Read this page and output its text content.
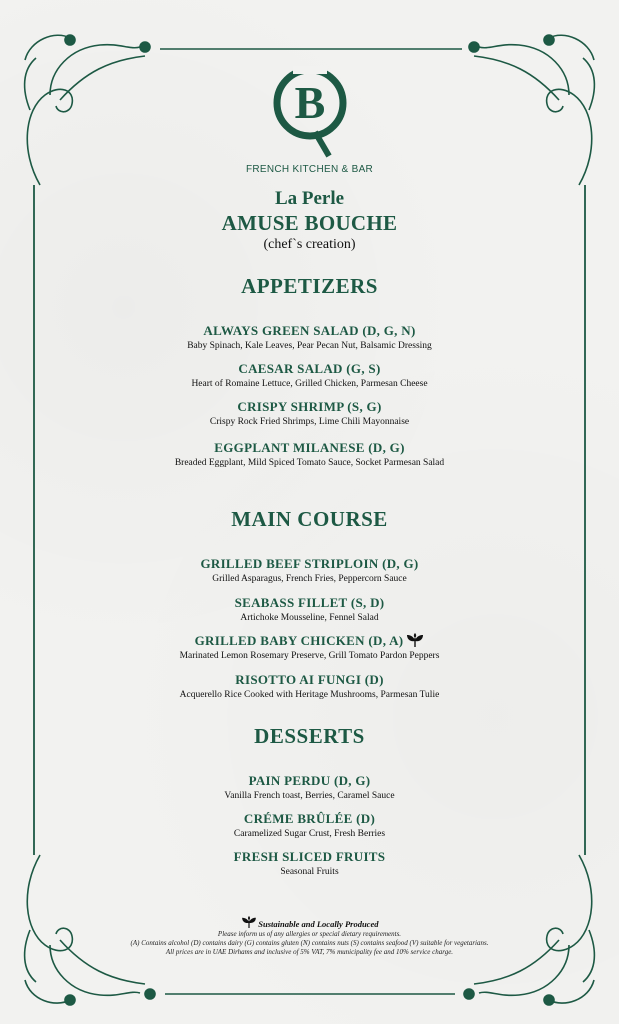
B
FRENCH KITCHEN & BAR
La Perle
AMUSE BOUCHE
(chef`s creation)
APPETIZERS
ALWAYS GREEN SALAD (D, G, N)
Baby Spinach, Kale Leaves, Pear Pecan Nut, Balsamic Dressing
CAESAR SALAD (G, S)
Heart of Romaine Lettuce, Grilled Chicken, Parmesan Cheese
CRISPY SHRIMP (S, G)
Crispy Rock Fried Shrimps, Lime Chili Mayonnaise
EGGPLANT MILANESE (D, G)
Breaded Eggplant, Mild Spiced Tomato Sauce, Socket Parmesan Salad
MAIN COURSE
GRILLED BEEF STRIPLOIN (D, G)
Grilled Asparagus, French Fries, Peppercorn Sauce
SEABASS FILLET (S, D)
Artichoke Mousseline, Fennel Salad
GRILLED BABY CHICKEN (D, A)
Marinated Lemon Rosemary Preserve, Grill Tomato Pardon Peppers
RISOTTO AI FUNGI (D)
Acquerello Rice Cooked with Heritage Mushrooms, Parmesan Tulie
DESSERTS
PAIN PERDU (D, G)
Vanilla French toast, Berries, Caramel Sauce
CRÉME BRÛLÉE (D)
Caramelized Sugar Crust, Fresh Berries
FRESH SLICED FRUITS
Seasonal Fruits
Sustainable and Locally Produced
Please inform us of any allergies or special dietary requirements.
(A) Contains alcohol (D) contains dairy (G) contains gluten (N) contains nuts (S) contains seafood (V) suitable for vegetarians.
All prices are in UAE Dirhams and inclusive of 5% VAT, 7% municipality fee and 10% service charge.
